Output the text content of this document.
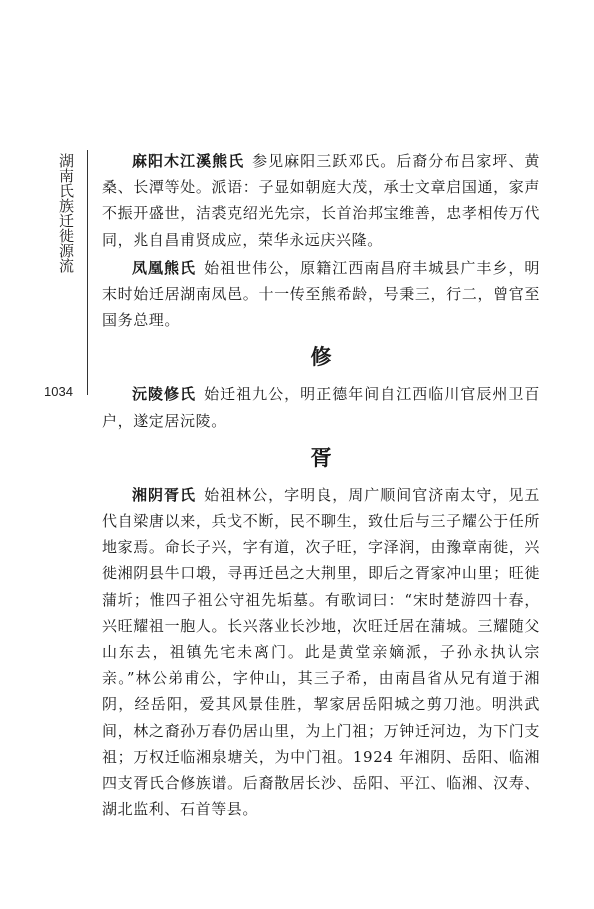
湖南氏族迁徙源流
1034

麻阳木江溪熊氏 参见麻阳三跃邓氏。后裔分布吕家坪、黄桑、长潭等处。派语：子显如朝庭大茂，承士文章启国通，家声不振开盛世，洁裘克绍光先宗，长首治邦宝维善，忠孝相传万代同，兆自昌甫贤成应，荣华永远庆兴隆。

凤凰熊氏 始祖世伟公，原籍江西南昌府丰城县广丰乡，明末时始迁居湖南凤邑。十一传至熊希龄，号秉三，行二，曾官至国务总理。

修

沅陵修氏 始迁祖九公，明正德年间自江西临川官辰州卫百户，遂定居沅陵。

胥

湘阴胥氏 始祖林公，字明良，周广顺间官济南太守，见五代自梁唐以来，兵戈不断，民不聊生，致仕后与三子耀公于任所地家焉。命长子兴，字有道，次子旺，字泽润，由豫章南徙，兴徙湘阴县牛口塅，寻再迁邑之大荆里，即后之胥家冲山里；旺徙蒲圻；惟四子祖公守祖先垢墓。有歌词曰：“宋时楚游四十春，兴旺耀祖一胞人。长兴落业长沙地，次旺迁居在蒲城。三耀随父山东去，祖镇先宅未离门。此是黄堂亲嫡派，子孙永执认宗亲。”林公弟甫公，字仲山，其三子希，由南昌省从兄有道于湘阴，经岳阳，爱其风景佳胜，挈家居岳阳城之剪刀池。明洪武间，林之裔孙万春仍居山里，为上门祖；万钟迁河边，为下门支祖；万权迁临湘泉塘关，为中门祖。1924 年湘阴、岳阳、临湘四支胥氏合修族谱。后裔散居长沙、岳阳、平江、临湘、汉寿、湖北监利、石首等县。
